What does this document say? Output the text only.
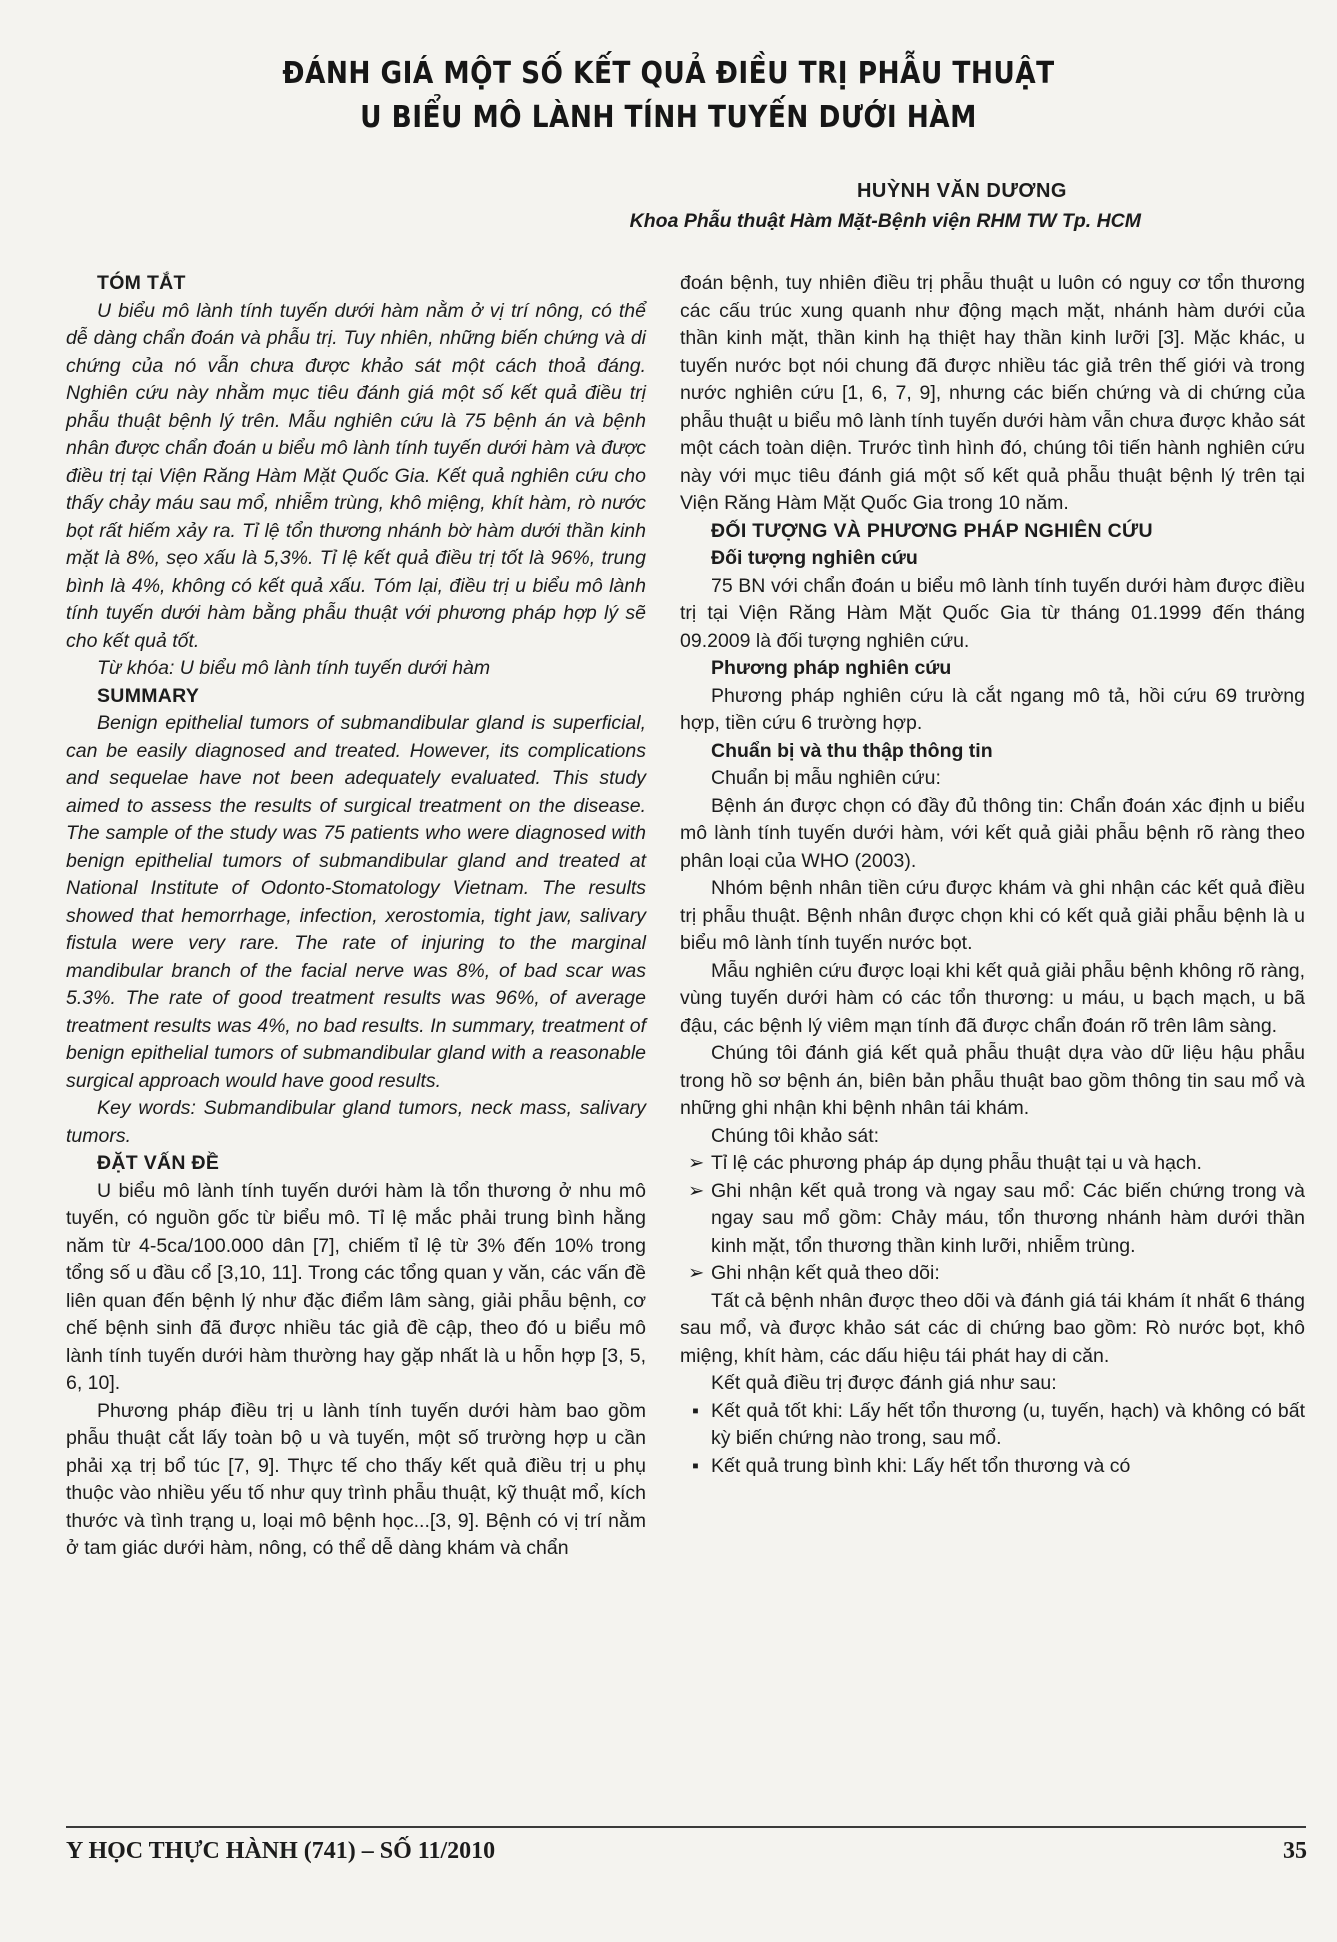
ĐÁNH GIÁ MỘT SỐ KẾT QUẢ ĐIỀU TRỊ PHẪU THUẬT
U BIỂU MÔ LÀNH TÍNH TUYẾN DƯỚI HÀM
HUỲNH VĂN DƯƠNG
Khoa Phẫu thuật Hàm Mặt-Bệnh viện RHM TW Tp. HCM

TÓM TẮT

U biểu mô lành tính tuyến dưới hàm nằm ở vị trí nông, có thể dễ dàng chẩn đoán và phẫu trị. Tuy nhiên, những biến chứng và di chứng của nó vẫn chưa được khảo sát một cách thoả đáng. Nghiên cứu này nhằm mục tiêu đánh giá một số kết quả điều trị phẫu thuật bệnh lý trên. Mẫu nghiên cứu là 75 bệnh án và bệnh nhân được chẩn đoán u biểu mô lành tính tuyến dưới hàm và được điều trị tại Viện Răng Hàm Mặt Quốc Gia. Kết quả nghiên cứu cho thấy chảy máu sau mổ, nhiễm trùng, khô miệng, khít hàm, rò nước bọt rất hiếm xảy ra. Tỉ lệ tổn thương nhánh bờ hàm dưới thần kinh mặt là 8%, sẹo xấu là 5,3%. Tỉ lệ kết quả điều trị tốt là 96%, trung bình là 4%, không có kết quả xấu. Tóm lại, điều trị u biểu mô lành tính tuyến dưới hàm bằng phẫu thuật với phương pháp hợp lý sẽ cho kết quả tốt.

Từ khóa: U biểu mô lành tính tuyến dưới hàm

SUMMARY

Benign epithelial tumors of submandibular gland is superficial, can be easily diagnosed and treated. However, its complications and sequelae have not been adequately evaluated. This study aimed to assess the results of surgical treatment on the disease. The sample of the study was 75 patients who were diagnosed with benign epithelial tumors of submandibular gland and treated at National Institute of Odonto-Stomatology Vietnam. The results showed that hemorrhage, infection, xerostomia, tight jaw, salivary fistula were very rare. The rate of injuring to the marginal mandibular branch of the facial nerve was 8%, of bad scar was 5.3%. The rate of good treatment results was 96%, of average treatment results was 4%, no bad results. In summary, treatment of benign epithelial tumors of submandibular gland with a reasonable surgical approach would have good results.

Key words: Submandibular gland tumors, neck mass, salivary tumors.

ĐẶT VẤN ĐỀ

U biểu mô lành tính tuyến dưới hàm là tổn thương ở nhu mô tuyến, có nguồn gốc từ biểu mô. Tỉ lệ mắc phải trung bình hằng năm từ 4-5ca/100.000 dân [7], chiếm tỉ lệ từ 3% đến 10% trong tổng số u đầu cổ [3,10, 11]. Trong các tổng quan y văn, các vấn đề liên quan đến bệnh lý như đặc điểm lâm sàng, giải phẫu bệnh, cơ chế bệnh sinh đã được nhiều tác giả đề cập, theo đó u biểu mô lành tính tuyến dưới hàm thường hay gặp nhất là u hỗn hợp [3, 5, 6, 10].

Phương pháp điều trị u lành tính tuyến dưới hàm bao gồm phẫu thuật cắt lấy toàn bộ u và tuyến, một số trường hợp u cần phải xạ trị bổ túc [7, 9]. Thực tế cho thấy kết quả điều trị u phụ thuộc vào nhiều yếu tố như quy trình phẫu thuật, kỹ thuật mổ, kích thước và tình trạng u, loại mô bệnh học...[3, 9]. Bệnh có vị trí nằm ở tam giác dưới hàm, nông, có thể dễ dàng khám và chẩn

đoán bệnh, tuy nhiên điều trị phẫu thuật u luôn có nguy cơ tổn thương các cấu trúc xung quanh như động mạch mặt, nhánh hàm dưới của thần kinh mặt, thần kinh hạ thiệt hay thần kinh lưỡi [3]. Mặc khác, u tuyến nước bọt nói chung đã được nhiều tác giả trên thế giới và trong nước nghiên cứu [1, 6, 7, 9], nhưng các biến chứng và di chứng của phẫu thuật u biểu mô lành tính tuyến dưới hàm vẫn chưa được khảo sát một cách toàn diện. Trước tình hình đó, chúng tôi tiến hành nghiên cứu này với mục tiêu đánh giá một số kết quả phẫu thuật bệnh lý trên tại Viện Răng Hàm Mặt Quốc Gia trong 10 năm.

ĐỐI TƯỢNG VÀ PHƯƠNG PHÁP NGHIÊN CỨU

Đối tượng nghiên cứu

75 BN với chẩn đoán u biểu mô lành tính tuyến dưới hàm được điều trị tại Viện Răng Hàm Mặt Quốc Gia từ tháng 01.1999 đến tháng 09.2009 là đối tượng nghiên cứu.

Phương pháp nghiên cứu

Phương pháp nghiên cứu là cắt ngang mô tả, hồi cứu 69 trường hợp, tiền cứu 6 trường hợp.

Chuẩn bị và thu thập thông tin

Chuẩn bị mẫu nghiên cứu:

Bệnh án được chọn có đầy đủ thông tin: Chẩn đoán xác định u biểu mô lành tính tuyến dưới hàm, với kết quả giải phẫu bệnh rõ ràng theo phân loại của WHO (2003).

Nhóm bệnh nhân tiền cứu được khám và ghi nhận các kết quả điều trị phẫu thuật. Bệnh nhân được chọn khi có kết quả giải phẫu bệnh là u biểu mô lành tính tuyến nước bọt.

Mẫu nghiên cứu được loại khi kết quả giải phẫu bệnh không rõ ràng, vùng tuyến dưới hàm có các tổn thương: u máu, u bạch mạch, u bã đậu, các bệnh lý viêm mạn tính đã được chẩn đoán rõ trên lâm sàng.

Chúng tôi đánh giá kết quả phẫu thuật dựa vào dữ liệu hậu phẫu trong hồ sơ bệnh án, biên bản phẫu thuật bao gồm thông tin sau mổ và những ghi nhận khi bệnh nhân tái khám.

Chúng tôi khảo sát:

➢ Tỉ lệ các phương pháp áp dụng phẫu thuật tại u và hạch.
➢ Ghi nhận kết quả trong và ngay sau mổ: Các biến chứng trong và ngay sau mổ gồm: Chảy máu, tổn thương nhánh hàm dưới thần kinh mặt, tổn thương thần kinh lưỡi, nhiễm trùng.
➢ Ghi nhận kết quả theo dõi:

Tất cả bệnh nhân được theo dõi và đánh giá tái khám ít nhất 6 tháng sau mổ, và được khảo sát các di chứng bao gồm: Rò nước bọt, khô miệng, khít hàm, các dấu hiệu tái phát hay di căn.

Kết quả điều trị được đánh giá như sau:

▪ Kết quả tốt khi: Lấy hết tổn thương (u, tuyến, hạch) và không có bất kỳ biến chứng nào trong, sau mổ.
▪ Kết quả trung bình khi: Lấy hết tổn thương và có
Y HỌC THỰC HÀNH (741) – SỐ 11/2010	35
